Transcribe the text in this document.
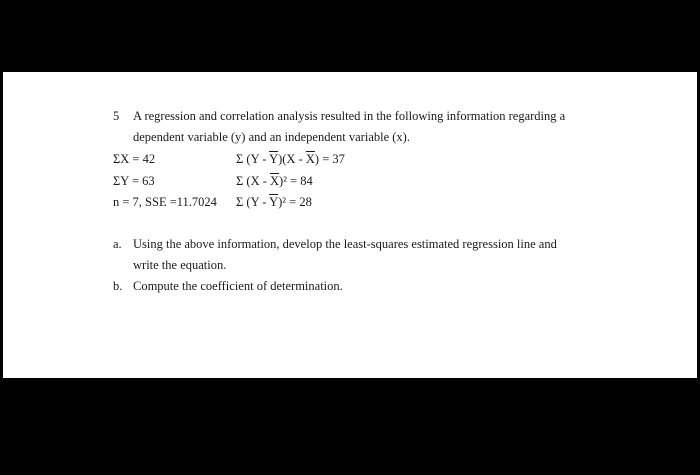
5 A regression and correlation analysis resulted in the following information regarding a
dependent variable (y) and an independent variable (x).
ΣX = 42
ΣY = 63
n = 7, SSE =11.7024
Σ $(Y - \overline{Y})(X - \overline{X}) = 37$
Σ $(X - \overline{X})^2 = 84$
Σ $(Y - \overline{Y})^2 = 28$
a. Using the above information, develop the least-squares estimated regression line and
write the equation.
b. Compute the coefficient of determination.
